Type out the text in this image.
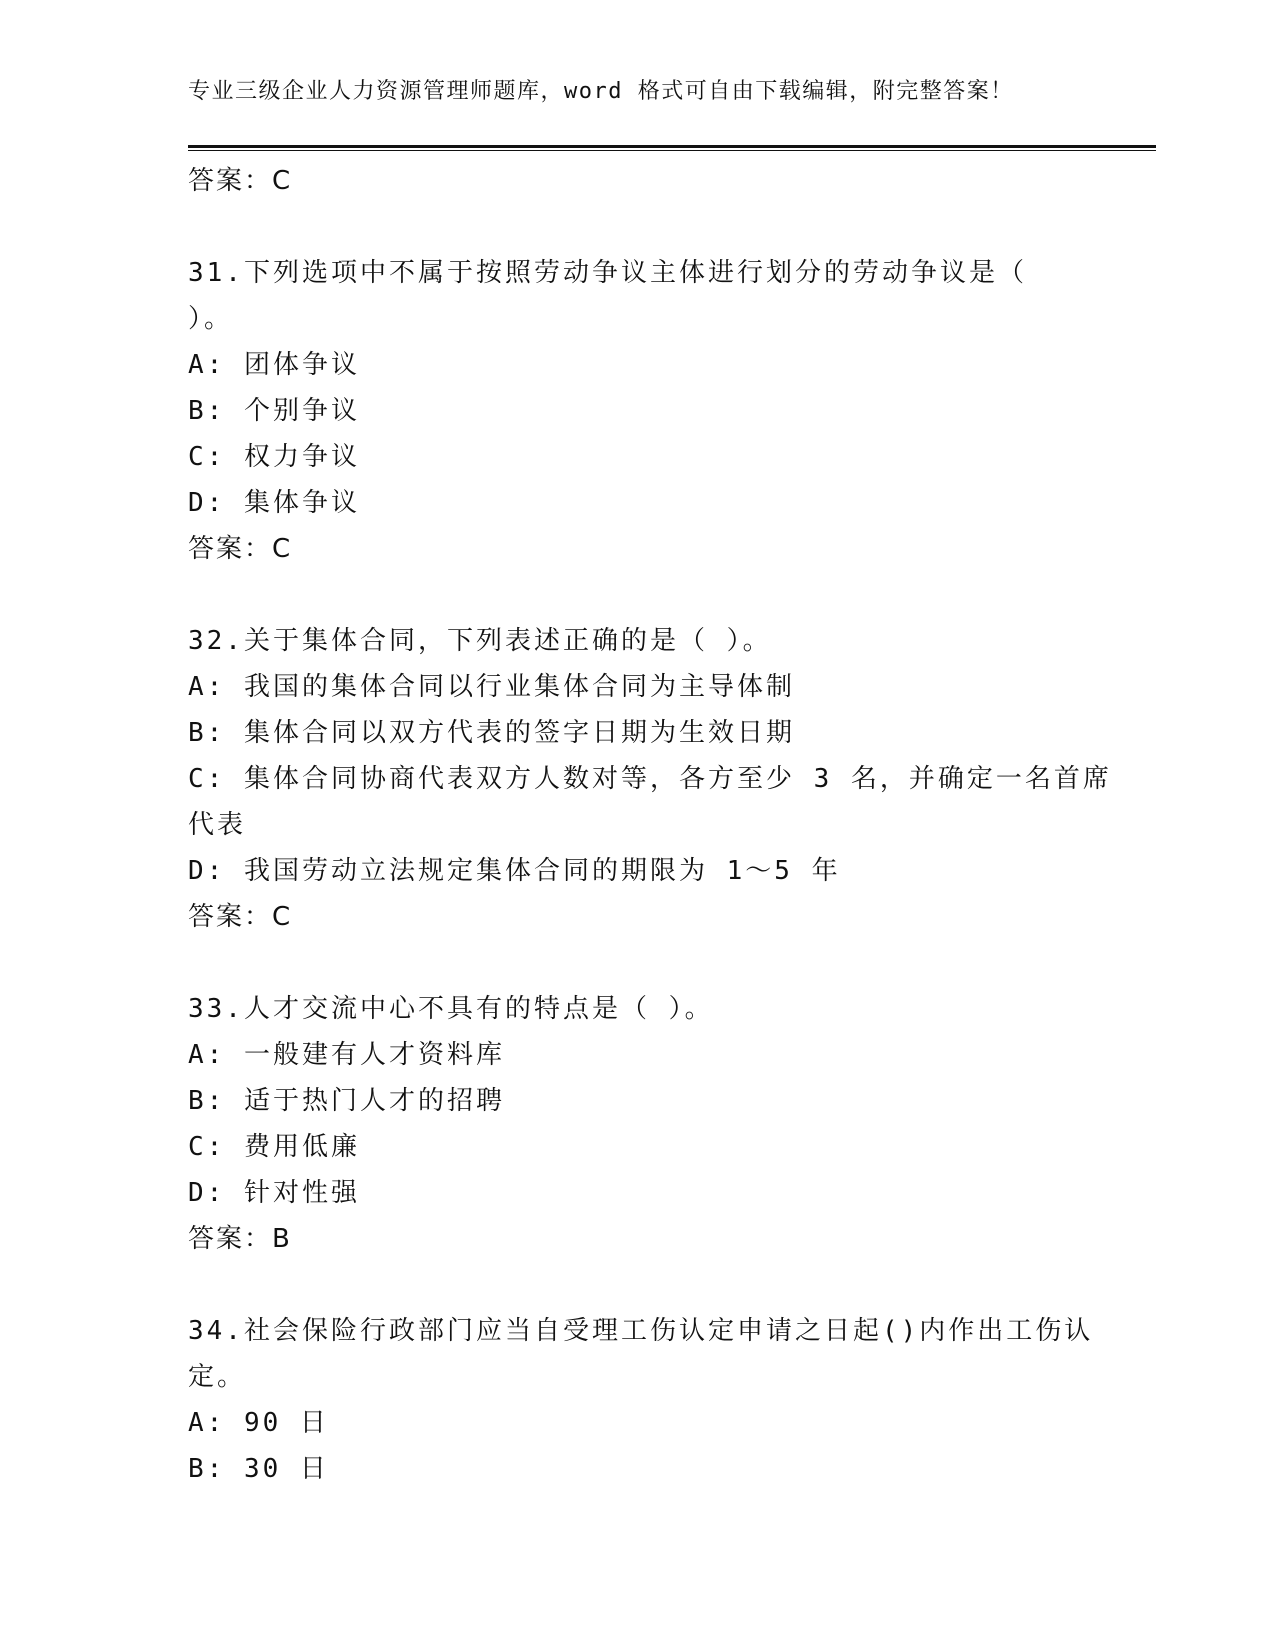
专业三级企业人力资源管理师题库，word 格式可自由下载编辑，附完整答案！
答案：C
31.下列选项中不属于按照劳动争议主体进行划分的劳动争议是（
）。
A: 团体争议
B: 个别争议
C: 权力争议
D: 集体争议
答案：C
32.关于集体合同，下列表述正确的是（ ）。
A: 我国的集体合同以行业集体合同为主导体制
B: 集体合同以双方代表的签字日期为生效日期
C: 集体合同协商代表双方人数对等，各方至少 3 名，并确定一名首席
代表
D: 我国劳动立法规定集体合同的期限为 1～5 年
答案：C
33.人才交流中心不具有的特点是（ ）。
A: 一般建有人才资料库
B: 适于热门人才的招聘
C: 费用低廉
D: 针对性强
答案：B
34.社会保险行政部门应当自受理工伤认定申请之日起()内作出工伤认
定。
A: 90 日
B: 30 日
